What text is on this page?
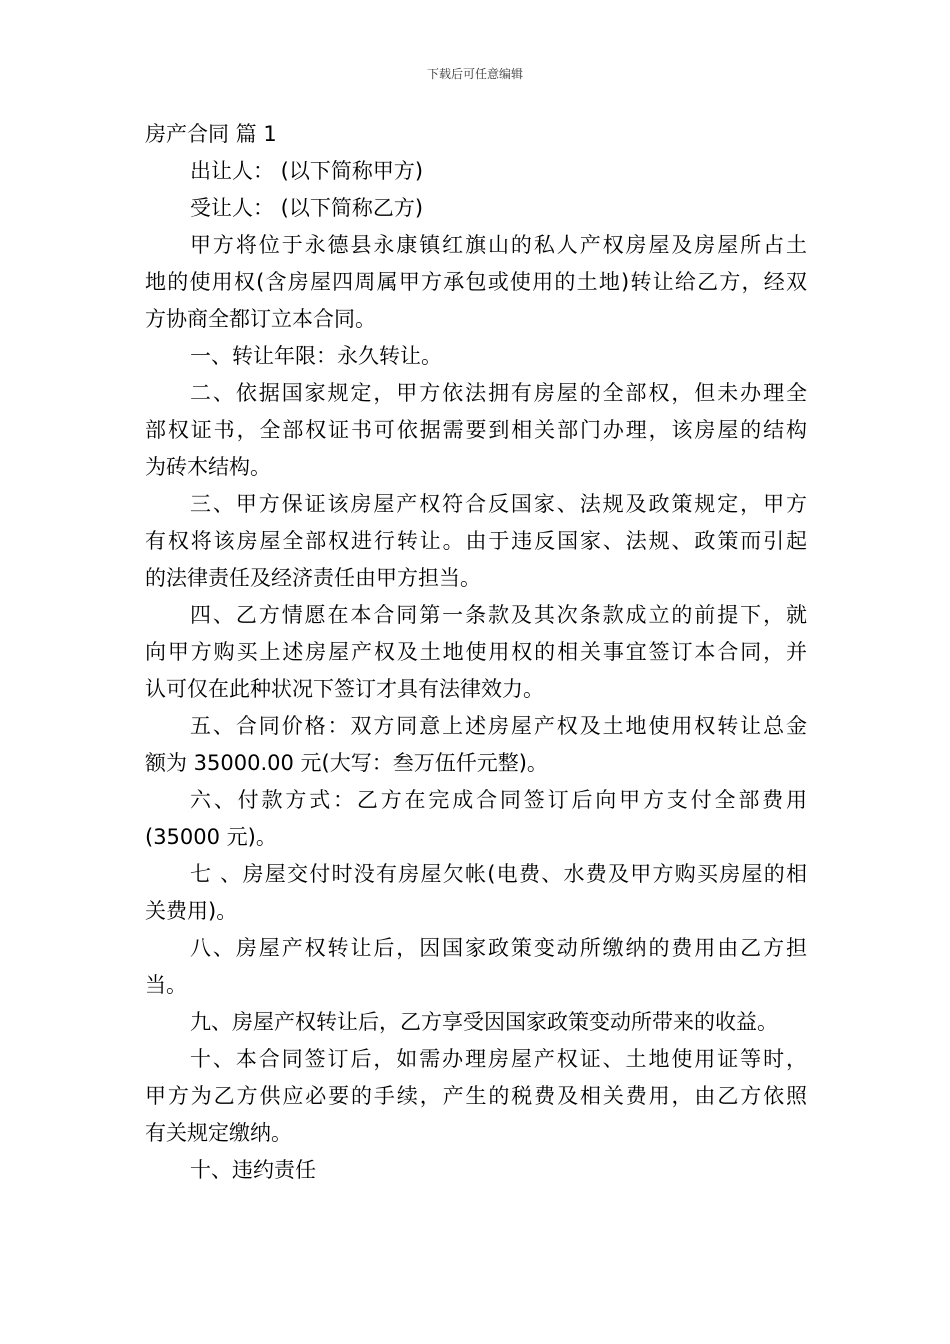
下载后可任意编辑
房产合同 篇 1
出让人： (以下简称甲方)
受让人： (以下简称乙方)
甲方将位于永德县永康镇红旗山的私人产权房屋及房屋所占土
地的使用权(含房屋四周属甲方承包或使用的土地)转让给乙方，经双
方协商全都订立本合同。
一、转让年限：永久转让。
二、依据国家规定，甲方依法拥有房屋的全部权，但未办理全
部权证书，全部权证书可依据需要到相关部门办理，该房屋的结构
为砖木结构。
三、甲方保证该房屋产权符合反国家、法规及政策规定，甲方
有权将该房屋全部权进行转让。由于违反国家、法规、政策而引起
的法律责任及经济责任由甲方担当。
四、乙方情愿在本合同第一条款及其次条款成立的前提下，就
向甲方购买上述房屋产权及土地使用权的相关事宜签订本合同，并
认可仅在此种状况下签订才具有法律效力。
五、合同价格：双方同意上述房屋产权及土地使用权转让总金
额为 35000.00 元(大写：叁万伍仟元整)。
六、付款方式：乙方在完成合同签订后向甲方支付全部费用
(35000 元)。
七 、房屋交付时没有房屋欠帐(电费、水费及甲方购买房屋的相
关费用)。
八、房屋产权转让后，因国家政策变动所缴纳的费用由乙方担
当。
九、房屋产权转让后，乙方享受因国家政策变动所带来的收益。
十、本合同签订后，如需办理房屋产权证、土地使用证等时，
甲方为乙方供应必要的手续，产生的税费及相关费用，由乙方依照
有关规定缴纳。
十、违约责任
